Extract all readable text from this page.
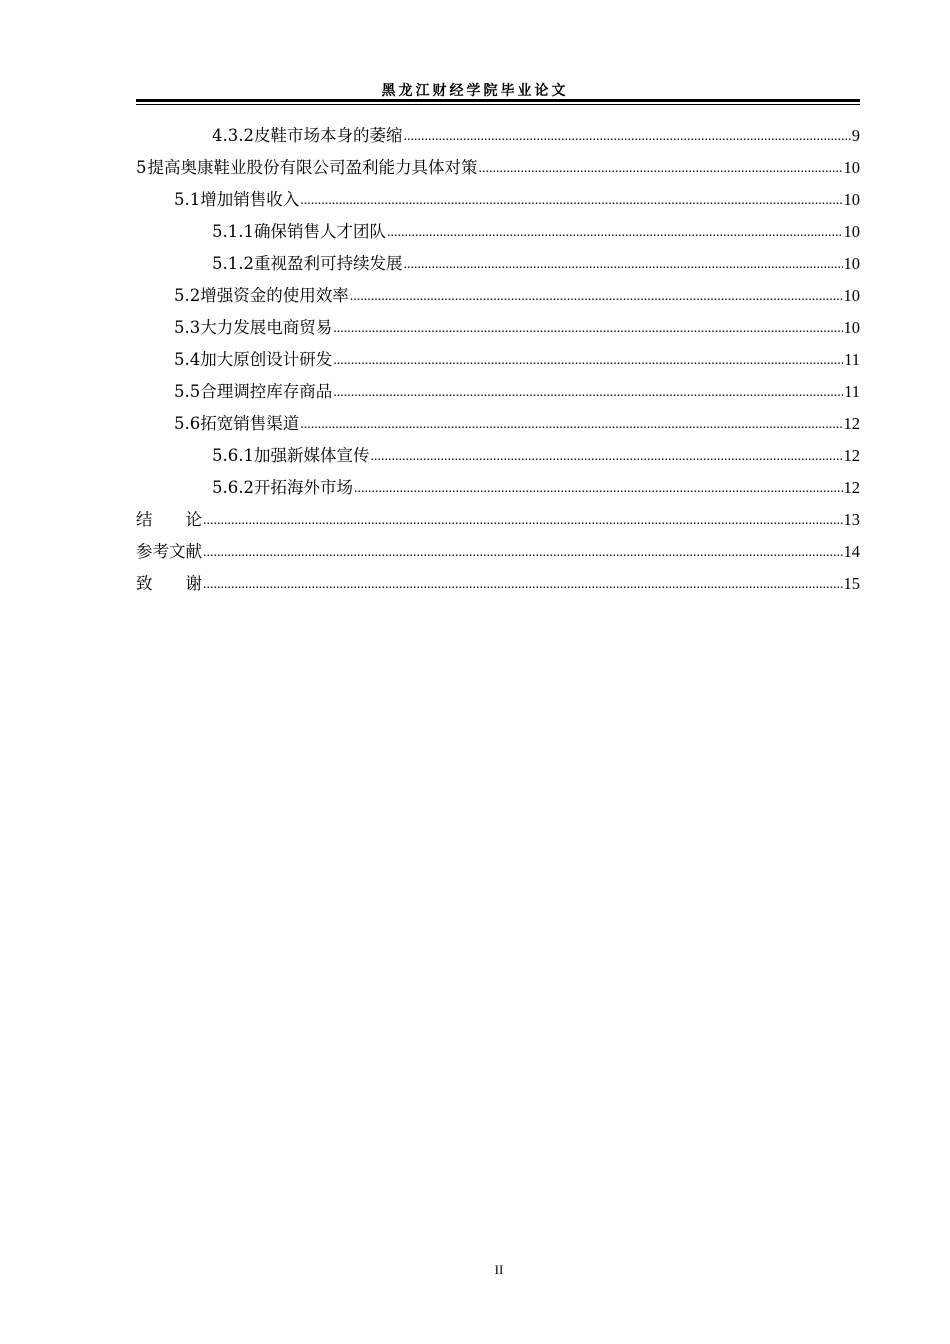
黑龙江财经学院毕业论文
4.3.2 皮鞋市场本身的萎缩 .....	9
5 提高奥康鞋业股份有限公司盈利能力具体对策 .....	10
5.1 增加销售收入 .....	10
5.1.1 确保销售人才团队 .....	10
5.1.2 重视盈利可持续发展 .....	10
5.2 增强资金的使用效率 .....	10
5.3 大力发展电商贸易 .....	10
5.4 加大原创设计研发 .....	11
5.5 合理调控库存商品 .....	11
5.6 拓宽销售渠道 .....	12
5.6.1 加强新媒体宣传 .....	12
5.6.2 开拓海外市场 .....	12
结　　论 .....	13
参考文献 .....	14
致　　谢 .....	15
II
